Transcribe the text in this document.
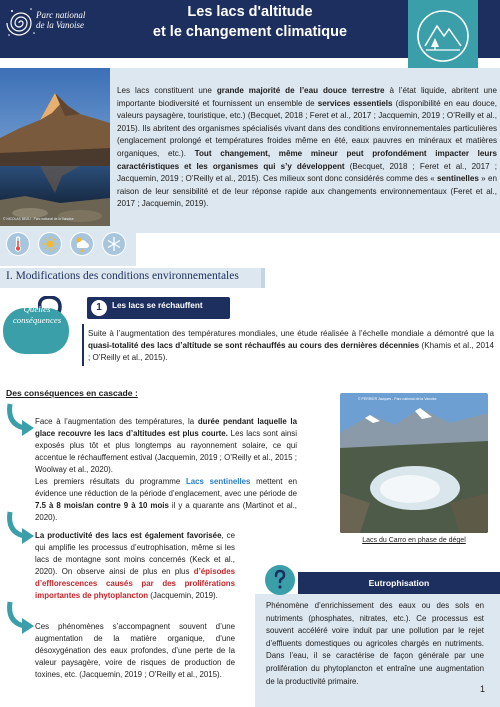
Parc national
de la Vanoise
Les lacs d'altitude
et le changement climatique
© NICOLAS BEAU - Parc national de la Vanoise
Les lacs constituent une grande majorité de l’eau douce terrestre à l’état liquide, abritent une importante biodiversité et fournissent un ensemble de services essentiels (disponibilité en eau douce, valeurs paysagère, touristique, etc.) (Becquet, 2018 ; Feret et al., 2017 ; Jacquemin, 2019 ; O’Reilly et al., 2015). Ils abritent des organismes spécialisés vivant dans des conditions environnementales particulières (englacement prolongé et températures froides même en été, eaux pauvres en minéraux et matières organiques, etc.). Tout changement, même mineur peut profondément impacter leurs caractéristiques et les organismes qui s’y développent (Becquet, 2018 ; Feret et al., 2017 ; Jacquemin, 2019 ; O’Reilly et al., 2015). Ces milieux sont donc considérés comme des « sentinelles » en raison de leur sensibilité et de leur réponse rapide aux changements environnementaux (Feret et al., 2017 ; Jacquemin, 2019).
I. Modifications des conditions environnementales
Quelles
conséquences
1	Les lacs se réchauffent
Suite à l’augmentation des températures mondiales, une étude réalisée à l’échelle mondiale a démontré que la quasi-totalité des lacs d’altitude se sont réchauffés au cours des dernières décennies (Khamis et al., 2014 ; O’Reilly et al., 2015).
Des conséquences en cascade :
Face à l’augmentation des températures, la durée pendant laquelle la glace recouvre les lacs d’altitudes est plus courte. Les lacs sont ainsi exposés plus tôt et plus longtemps au rayonnement solaire, ce qui accentue le réchauffement estival (Jacquemin, 2019 ; O’Reilly et al., 2015 ; Woolway et al., 2020).
Les premiers résultats du programme Lacs sentinelles mettent en évidence une réduction de la période d’englacement, avec une période de 7.5 à 8 mois/an contre 9 à 10 mois il y a quarante ans (Martinot et al., 2020).
La productivité des lacs est également favorisée, ce qui amplifie les processus d’eutrophisation, même si les lacs de montagne sont moins concernés (Keck et al., 2020). On observe ainsi de plus en plus d’épisodes d’efflorescences causés par des proliférations importantes de phytoplancton (Jacquemin, 2019).
Ces phénomènes s’accompagnent souvent d’une augmentation de la matière organique, d’une désoxygénation des eaux profondes, d’une perte de la valeur paysagère, voire de risques de production de toxines, etc. (Jacquemin, 2019 ; O’Reilly et al., 2015).
© PERRIER Jacques - Parc national de la Vanoise
Lacs du Carro en phase de dégel
Eutrophisation
Phénomène d’enrichissement des eaux ou des sols en nutriments (phosphates, nitrates, etc.). Ce processus est souvent accéléré voire induit par une pollution par le rejet d’effluents domestiques ou agricoles chargés en nutriments. Dans l’eau, il se caractérise de façon générale par une prolifération du phytoplancton et entraîne une augmentation de la productivité primaire.
1
